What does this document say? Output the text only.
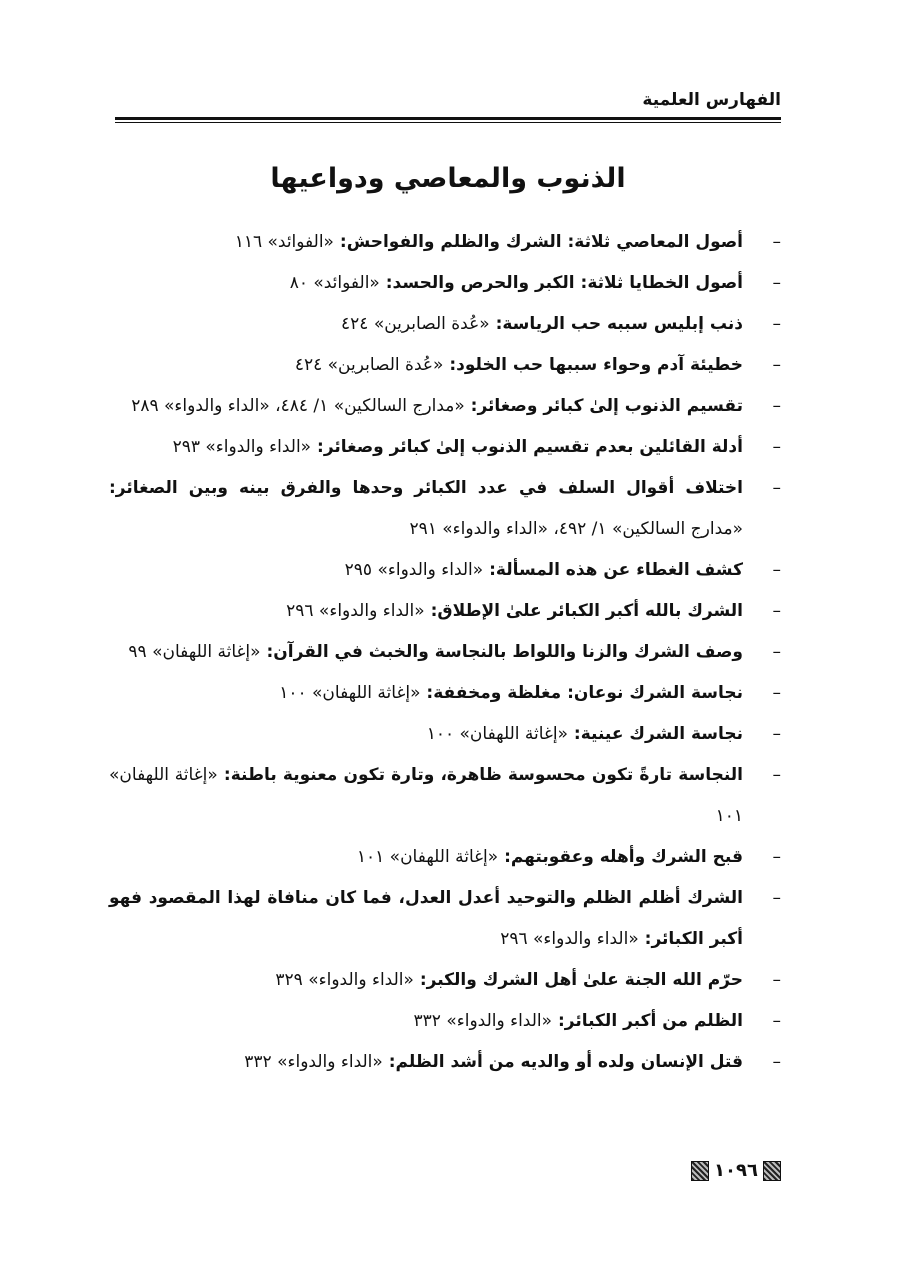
الفهارس العلمية
الذنوب والمعاصي ودواعيها
–
أصول المعاصي ثلاثة: الشرك والظلم والفواحش: «الفوائد» ١١٦
–
أصول الخطايا ثلاثة: الكبر والحرص والحسد: «الفوائد» ٨٠
–
ذنب إبليس سببه حب الرياسة: «عُدة الصابرين» ٤٢٤
–
خطيئة آدم وحواء سببها حب الخلود: «عُدة الصابرين» ٤٢٤
–
تقسيم الذنوب إلىٰ كبائر وصغائر: «مدارج السالكين» ١/ ٤٨٤، «الداء والدواء» ٢٨٩
–
أدلة القائلين بعدم تقسيم الذنوب إلىٰ كبائر وصغائر: «الداء والدواء» ٢٩٣
–
اختلاف أقوال السلف في عدد الكبائر وحدها والفرق بينه وبين الصغائر: «مدارج السالكين» ١/ ٤٩٢، «الداء والدواء» ٢٩١
–
كشف الغطاء عن هذه المسألة: «الداء والدواء» ٢٩٥
–
الشرك بالله أكبر الكبائر علىٰ الإطلاق: «الداء والدواء» ٢٩٦
–
وصف الشرك والزنا واللواط بالنجاسة والخبث في القرآن: «إغاثة اللهفان» ٩٩
–
نجاسة الشرك نوعان: مغلظة ومخففة: «إغاثة اللهفان» ١٠٠
–
نجاسة الشرك عينية: «إغاثة اللهفان» ١٠٠
–
النجاسة تارةً تكون محسوسة ظاهرة، وتارة تكون معنوية باطنة: «إغاثة اللهفان» ١٠١
–
قبح الشرك وأهله وعقوبتهم: «إغاثة اللهفان» ١٠١
–
الشرك أظلم الظلم والتوحيد أعدل العدل، فما كان منافاة لهذا المقصود فهو أكبر الكبائر: «الداء والدواء» ٢٩٦
–
حرّم الله الجنة علىٰ أهل الشرك والكبر: «الداء والدواء» ٣٢٩
–
الظلم من أكبر الكبائر: «الداء والدواء» ٣٣٢
–
قتل الإنسان ولده أو والديه من أشد الظلم: «الداء والدواء» ٣٣٢
١٠٩٦
